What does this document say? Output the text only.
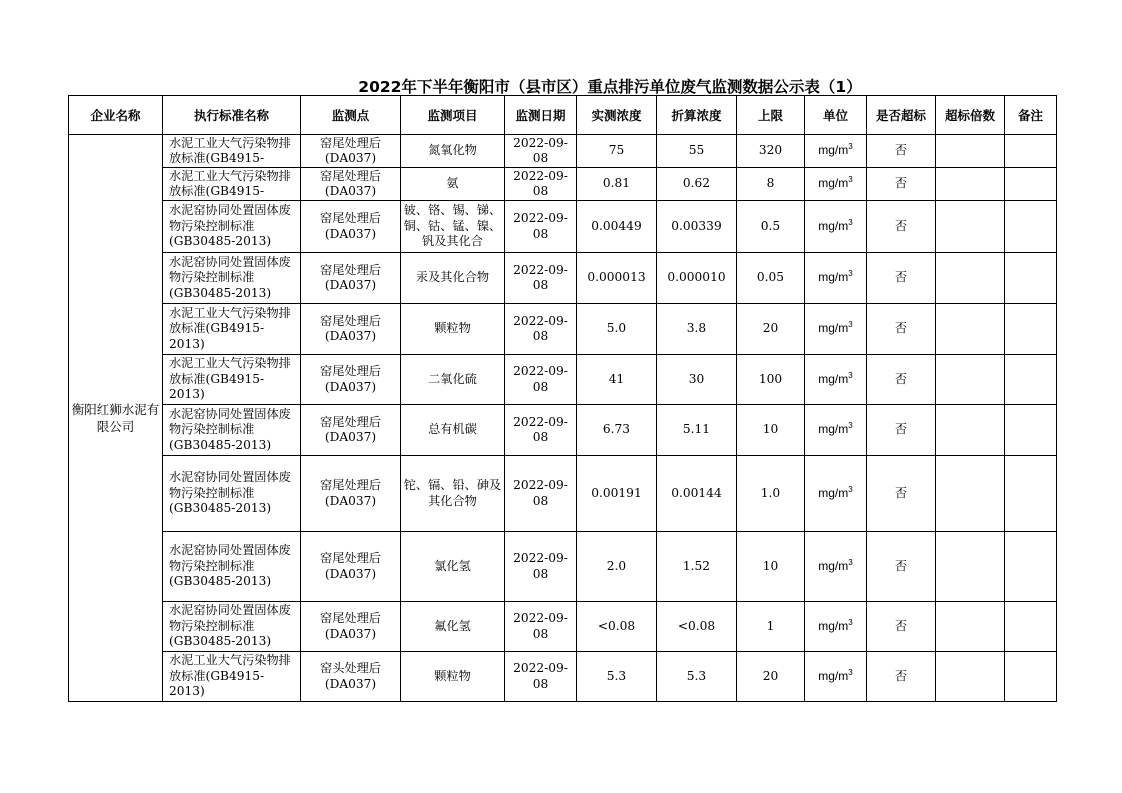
2022年下半年衡阳市（县市区）重点排污单位废气监测数据公示表（1）
企业名称	执行标准名称	监测点	监测项目	监测日期	实测浓度	折算浓度	上限	单位	是否超标	超标倍数	备注
衡阳红狮水泥有限公司	水泥工业大气污染物排放标准(GB4915-	窑尾处理后(DA037)	氮氧化物	2022-09-08	75	55	320	$mg/m^3$	否		

	水泥工业大气污染物排放标准(GB4915-	窑尾处理后(DA037)	氨	2022-09-08	0.81	0.62	8	$mg/m^3$	否		

	水泥窑协同处置固体废物污染控制标准(GB30485-2013)	窑尾处理后(DA037)	铍、铬、锡、锑、铜、钴、锰、镍、钒及其化合	2022-09-08	0.00449	0.00339	0.5	$mg/m^3$	否		

	水泥窑协同处置固体废物污染控制标准(GB30485-2013)	窑尾处理后(DA037)	汞及其化合物	2022-09-08	0.000013	0.000010	0.05	$mg/m^3$	否		

	水泥工业大气污染物排放标准(GB4915-2013)	窑尾处理后(DA037)	颗粒物	2022-09-08	5.0	3.8	20	$mg/m^3$	否		

	水泥工业大气污染物排放标准(GB4915-2013)	窑尾处理后(DA037)	二氧化硫	2022-09-08	41	30	100	$mg/m^3$	否		

	水泥窑协同处置固体废物污染控制标准(GB30485-2013)	窑尾处理后(DA037)	总有机碳	2022-09-08	6.73	5.11	10	$mg/m^3$	否		

	水泥窑协同处置固体废物污染控制标准(GB30485-2013)	窑尾处理后(DA037)	铊、镉、铅、砷及其化合物	2022-09-08	0.00191	0.00144	1.0	$mg/m^3$	否		

	水泥窑协同处置固体废物污染控制标准(GB30485-2013)	窑尾处理后(DA037)	氯化氢	2022-09-08	2.0	1.52	10	$mg/m^3$	否		

	水泥窑协同处置固体废物污染控制标准(GB30485-2013)	窑尾处理后(DA037)	氟化氢	2022-09-08	<0.08	<0.08	1	$mg/m^3$	否		

	水泥工业大气污染物排放标准(GB4915-2013)	窑头处理后(DA037)	颗粒物	2022-09-08	5.3	5.3	20	$mg/m^3$	否		
